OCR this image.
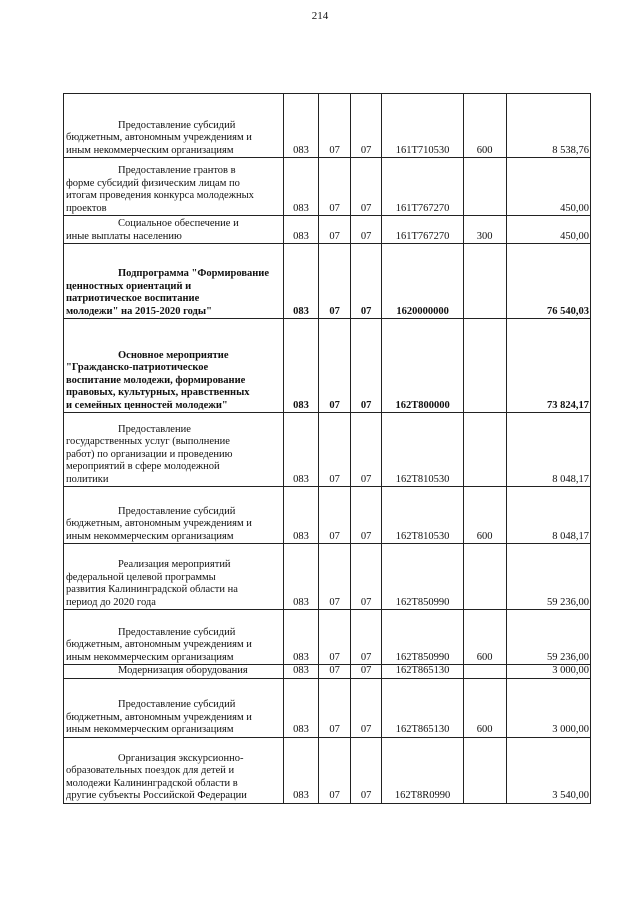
214
Предоставление субсидий
бюджетным, автономным учреждениям и
иным некоммерческим организациям	083	07	07	161Т710530	600	8 538,76
Предоставление грантов в
форме субсидий физическим лицам по
итогам проведения конкурса молодежных
проектов	083	07	07	161Т767270		450,00
Социальное обеспечение и
иные выплаты населению	083	07	07	161Т767270	300	450,00
Подпрограмма "Формирование
ценностных ориентаций и
патриотическое воспитание
молодежи" на 2015-2020 годы"	083	07	07	1620000000		76 540,03
Основное мероприятие
"Гражданско-патриотическое
воспитание молодежи, формирование
правовых, культурных, нравственных
и семейных ценностей молодежи"	083	07	07	162Т800000		73 824,17
Предоставление
государственных услуг (выполнение
работ) по организации и проведению
мероприятий в сфере молодежной
политики	083	07	07	162Т810530		8 048,17
Предоставление субсидий
бюджетным, автономным учреждениям и
иным некоммерческим организациям	083	07	07	162Т810530	600	8 048,17
Реализация мероприятий
федеральной целевой программы
развития Калининградской области на
период до 2020 года	083	07	07	162Т850990		59 236,00
Предоставление субсидий
бюджетным, автономным учреждениям и
иным некоммерческим организациям	083	07	07	162Т850990	600	59 236,00
Модернизация оборудования	083	07	07	162Т865130		3 000,00
Предоставление субсидий
бюджетным, автономным учреждениям и
иным некоммерческим организациям	083	07	07	162Т865130	600	3 000,00
Организация экскурсионно-
образовательных поездок для детей и
молодежи Калининградской области в
другие субъекты Российской Федерации	083	07	07	162Т8R0990		3 540,00
